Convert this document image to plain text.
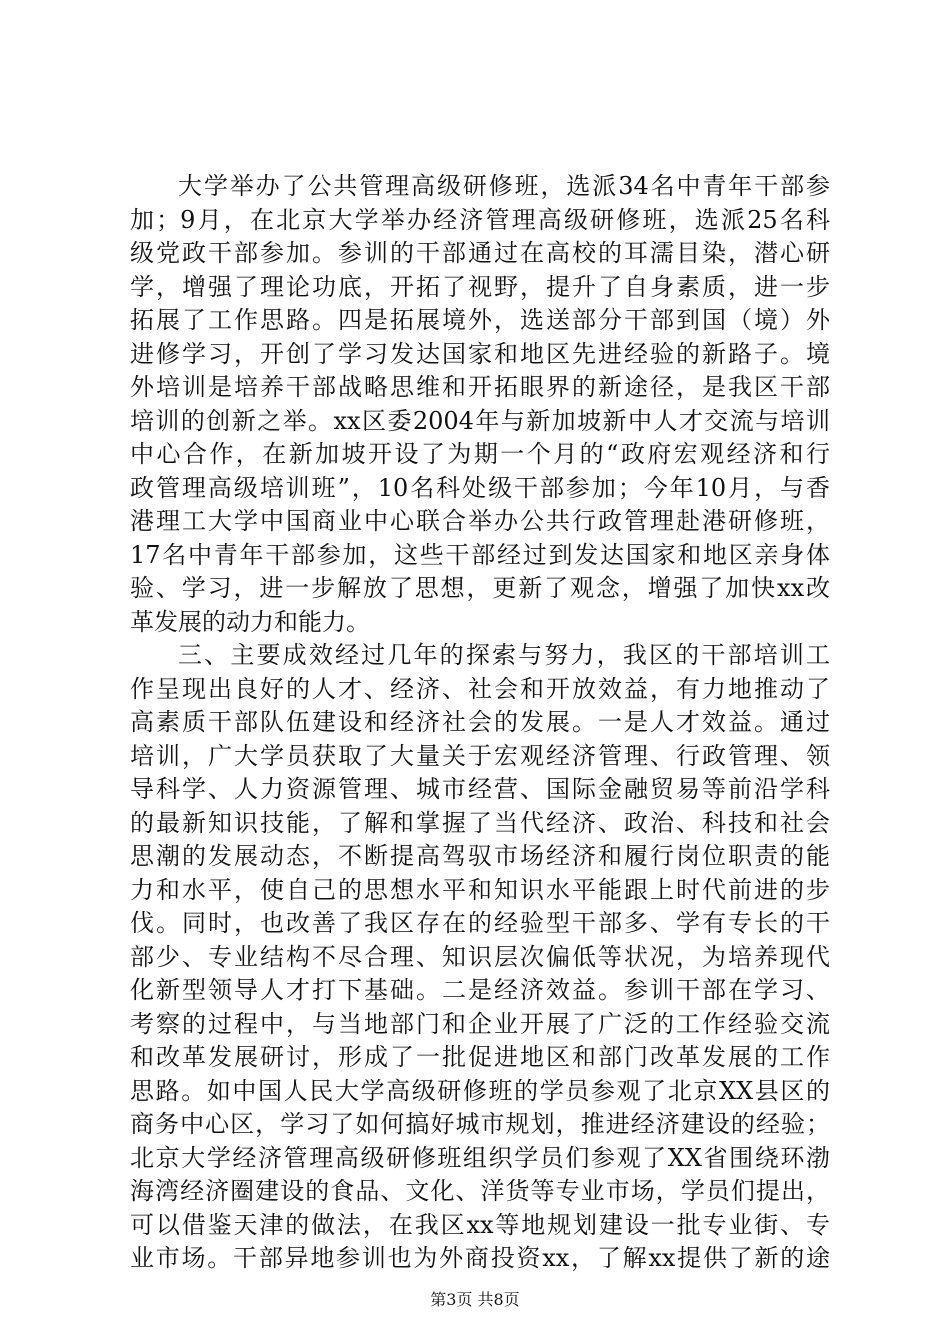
大学举办了公共管理高级研修班，选派34名中青年干部参
加；9月，在北京大学举办经济管理高级研修班，选派25名科
级党政干部参加。参训的干部通过在高校的耳濡目染，潜心研
学，增强了理论功底，开拓了视野，提升了自身素质，进一步
拓展了工作思路。四是拓展境外，选送部分干部到国（境）外
进修学习，开创了学习发达国家和地区先进经验的新路子。境
外培训是培养干部战略思维和开拓眼界的新途径，是我区干部
培训的创新之举。xx区委2004年与新加坡新中人才交流与培训
中心合作，在新加坡开设了为期一个月的“政府宏观经济和行
政管理高级培训班”，10名科处级干部参加；今年10月，与香
港理工大学中国商业中心联合举办公共行政管理赴港研修班，
17名中青年干部参加，这些干部经过到发达国家和地区亲身体
验、学习，进一步解放了思想，更新了观念，增强了加快xx改
革发展的动力和能力。
三、主要成效经过几年的探索与努力，我区的干部培训工
作呈现出良好的人才、经济、社会和开放效益，有力地推动了
高素质干部队伍建设和经济社会的发展。一是人才效益。通过
培训，广大学员获取了大量关于宏观经济管理、行政管理、领
导科学、人力资源管理、城市经营、国际金融贸易等前沿学科
的最新知识技能，了解和掌握了当代经济、政治、科技和社会
思潮的发展动态，不断提高驾驭市场经济和履行岗位职责的能
力和水平，使自己的思想水平和知识水平能跟上时代前进的步
伐。同时，也改善了我区存在的经验型干部多、学有专长的干
部少、专业结构不尽合理、知识层次偏低等状况，为培养现代
化新型领导人才打下基础。二是经济效益。参训干部在学习、
考察的过程中，与当地部门和企业开展了广泛的工作经验交流
和改革发展研讨，形成了一批促进地区和部门改革发展的工作
思路。如中国人民大学高级研修班的学员参观了北京XX县区的
商务中心区，学习了如何搞好城市规划，推进经济建设的经验；
北京大学经济管理高级研修班组织学员们参观了XX省围绕环渤
海湾经济圈建设的食品、文化、洋货等专业市场，学员们提出，
可以借鉴天津的做法，在我区xx等地规划建设一批专业街、专
业市场。干部异地参训也为外商投资xx，了解xx提供了新的途
第3页 共8页
